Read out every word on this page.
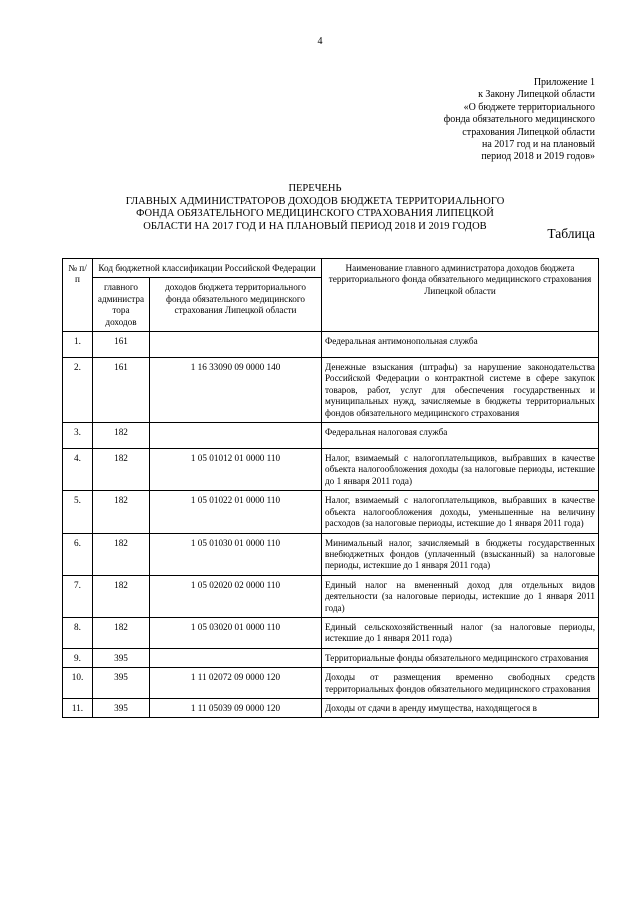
4
Приложение 1
к Закону Липецкой области
«О бюджете территориального
фонда обязательного медицинского
страхования Липецкой области
на 2017 год и на плановый
период 2018 и 2019 годов»
ПЕРЕЧЕНЬ
ГЛАВНЫХ АДМИНИСТРАТОРОВ ДОХОДОВ БЮДЖЕТА ТЕРРИТОРИАЛЬНОГО
ФОНДА ОБЯЗАТЕЛЬНОГО МЕДИЦИНСКОГО СТРАХОВАНИЯ ЛИПЕЦКОЙ
ОБЛАСТИ НА 2017 ГОД И НА ПЛАНОВЫЙ ПЕРИОД 2018 И 2019 ГОДОВ	Таблица
№ п/п	Код бюджетной классификации Российской Федерации		Наименование главного администратора доходов бюджета территориального фонда обязательного медицинского страхования Липецкой области
	главного администра тора доходов	доходов бюджета территориального фонда обязательного медицинского страхования Липецкой области	
1.	161		Федеральная антимонопольная служба
2.	161	1 16 33090 09 0000 140	Денежные взыскания (штрафы) за нарушение законодательства Российской Федерации о контрактной системе в сфере закупок товаров, работ, услуг для обеспечения государственных и муниципальных нужд, зачисляемые в бюджеты территориальных фондов обязательного медицинского страхования
3.	182		Федеральная налоговая служба
4.	182	1 05 01012 01 0000 110	Налог, взимаемый с налогоплательщиков, выбравших в качестве объекта налогообложения доходы (за налоговые периоды, истекшие до 1 января 2011 года)
5.	182	1 05 01022 01 0000 110	Налог, взимаемый с налогоплательщиков, выбравших в качестве объекта налогообложения доходы, уменьшенные на величину расходов (за налоговые периоды, истекшие до 1 января 2011 года)
6.	182	1 05 01030 01 0000 110	Минимальный налог, зачисляемый в бюджеты государственных внебюджетных фондов (уплаченный (взысканный) за налоговые периоды, истекшие до 1 января 2011 года)
7.	182	1 05 02020 02 0000 110	Единый налог на вмененный доход для отдельных видов деятельности (за налоговые периоды, истекшие до 1 января 2011 года)
8.	182	1 05 03020 01 0000 110	Единый сельскохозяйственный налог (за налоговые периоды, истекшие до 1 января 2011 года)
9.	395		Территориальные фонды обязательного медицинского страхования
10.	395	1 11 02072 09 0000 120	Доходы от размещения временно свободных средств территориальных фондов обязательного медицинского страхования
11.	395	1 11 05039 09 0000 120	Доходы от сдачи в аренду имущества, находящегося в
